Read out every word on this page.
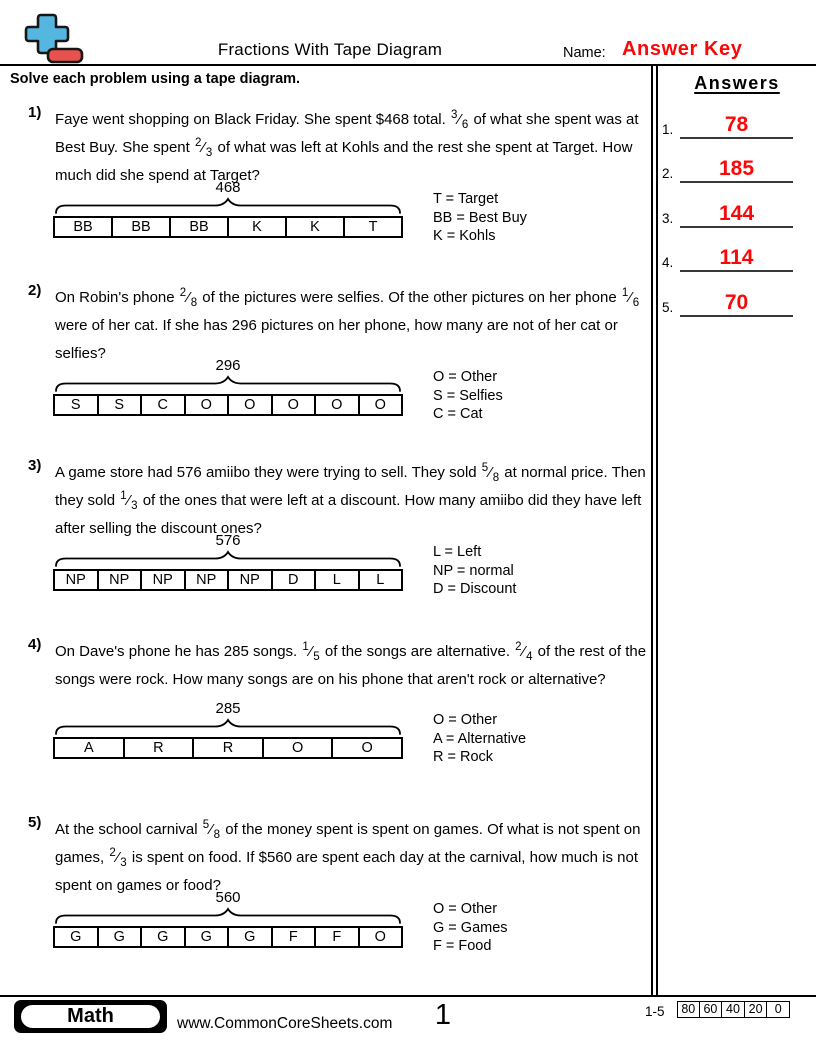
Fractions With Tape Diagram	Name: Answer Key
Solve each problem using a tape diagram.
1) Faye went shopping on Black Friday. She spent $468 total. $^3⁄_6$ of what she spent was at Best Buy. She spent $^2⁄_3$ of what was left at Kohls and the rest she spent at Target. How much did she spend at Target?
468
BB	BB	BB	K	K	T
T = Target
BB = Best Buy
K = Kohls
2) On Robin's phone $^2⁄_8$ of the pictures were selfies. Of the other pictures on her phone $^1⁄_6$ were of her cat. If she has 296 pictures on her phone, how many are not of her cat or selfies?
296
S	S	C	O	O	O	O	O
O = Other
S = Selfies
C = Cat
3) A game store had 576 amiibo they were trying to sell. They sold $^5⁄_8$ at normal price. Then they sold $^1⁄_3$ of the ones that were left at a discount. How many amiibo did they have left after selling the discount ones?
576
NP	NP	NP	NP	NP	D	L	L
L = Left
NP = normal
D = Discount
4) On Dave's phone he has 285 songs. $^1⁄_5$ of the songs are alternative. $^2⁄_4$ of the rest of the songs were rock. How many songs are on his phone that aren't rock or alternative?
285
A	R	R	O	O
O = Other
A = Alternative
R = Rock
5) At the school carnival $^5⁄_8$ of the money spent is spent on games. Of what is not spent on games, $^2⁄_3$ is spent on food. If $560 are spent each day at the carnival, how much is not spent on games or food?
560
G	G	G	G	G	F	F	O
O = Other
G = Games
F = Food
Answers
1.	78
2.	185
3.	144
4.	114
5.	70
Math	www.CommonCoreSheets.com	1	1-5	80 60 40 20 0
